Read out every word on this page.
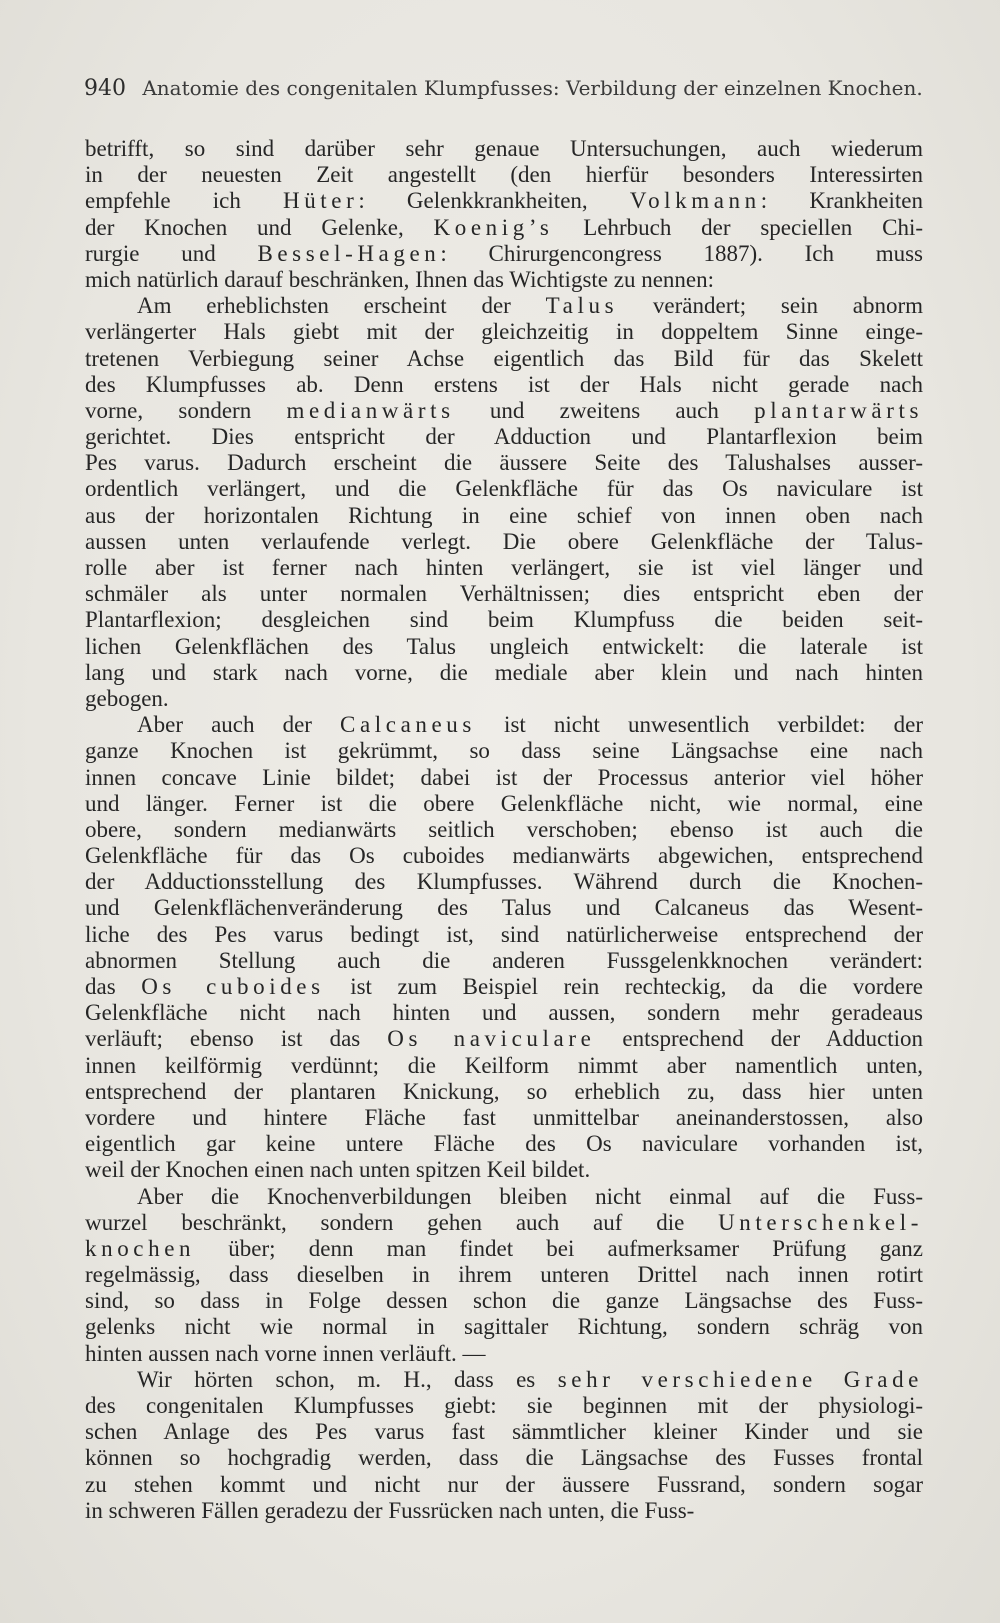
940 Anatomie des congenitalen Klumpfusses: Verbildung der einzelnen Knochen.
betrifft, so sind darüber sehr genaue Untersuchungen, auch wiederum
in der neuesten Zeit angestellt (den hierfür besonders Interessirten
empfehle ich Hüter: Gelenkkrankheiten, Volkmann: Krankheiten
der Knochen und Gelenke, Koenig’s Lehrbuch der speciellen Chi-
rurgie und Bessel-Hagen: Chirurgencongress 1887). Ich muss
mich natürlich darauf beschränken, Ihnen das Wichtigste zu nennen:
Am erheblichsten erscheint der Talus verändert; sein abnorm
verlängerter Hals giebt mit der gleichzeitig in doppeltem Sinne einge-
tretenen Verbiegung seiner Achse eigentlich das Bild für das Skelett
des Klumpfusses ab. Denn erstens ist der Hals nicht gerade nach
vorne, sondern medianwärts und zweitens auch plantarwärts
gerichtet. Dies entspricht der Adduction und Plantarflexion beim
Pes varus. Dadurch erscheint die äussere Seite des Talushalses ausser-
ordentlich verlängert, und die Gelenkfläche für das Os naviculare ist
aus der horizontalen Richtung in eine schief von innen oben nach
aussen unten verlaufende verlegt. Die obere Gelenkfläche der Talus-
rolle aber ist ferner nach hinten verlängert, sie ist viel länger und
schmäler als unter normalen Verhältnissen; dies entspricht eben der
Plantarflexion; desgleichen sind beim Klumpfuss die beiden seit-
lichen Gelenkflächen des Talus ungleich entwickelt: die laterale ist
lang und stark nach vorne, die mediale aber klein und nach hinten
gebogen.
Aber auch der Calcaneus ist nicht unwesentlich verbildet: der
ganze Knochen ist gekrümmt, so dass seine Längsachse eine nach
innen concave Linie bildet; dabei ist der Processus anterior viel höher
und länger. Ferner ist die obere Gelenkfläche nicht, wie normal, eine
obere, sondern medianwärts seitlich verschoben; ebenso ist auch die
Gelenkfläche für das Os cuboides medianwärts abgewichen, entsprechend
der Adductionsstellung des Klumpfusses. Während durch die Knochen-
und Gelenkflächenveränderung des Talus und Calcaneus das Wesent-
liche des Pes varus bedingt ist, sind natürlicherweise entsprechend der
abnormen Stellung auch die anderen Fussgelenkknochen verändert:
das Os cuboides ist zum Beispiel rein rechteckig, da die vordere
Gelenkfläche nicht nach hinten und aussen, sondern mehr geradeaus
verläuft; ebenso ist das Os naviculare entsprechend der Adduction
innen keilförmig verdünnt; die Keilform nimmt aber namentlich unten,
entsprechend der plantaren Knickung, so erheblich zu, dass hier unten
vordere und hintere Fläche fast unmittelbar aneinanderstossen, also
eigentlich gar keine untere Fläche des Os naviculare vorhanden ist,
weil der Knochen einen nach unten spitzen Keil bildet.
Aber die Knochenverbildungen bleiben nicht einmal auf die Fuss-
wurzel beschränkt, sondern gehen auch auf die Unterschenkel-
knochen über; denn man findet bei aufmerksamer Prüfung ganz
regelmässig, dass dieselben in ihrem unteren Drittel nach innen rotirt
sind, so dass in Folge dessen schon die ganze Längsachse des Fuss-
gelenks nicht wie normal in sagittaler Richtung, sondern schräg von
hinten aussen nach vorne innen verläuft. —
Wir hörten schon, m. H., dass es sehr verschiedene Grade
des congenitalen Klumpfusses giebt: sie beginnen mit der physiologi-
schen Anlage des Pes varus fast sämmtlicher kleiner Kinder und sie
können so hochgradig werden, dass die Längsachse des Fusses frontal
zu stehen kommt und nicht nur der äussere Fussrand, sondern sogar
in schweren Fällen geradezu der Fussrücken nach unten, die Fuss-
